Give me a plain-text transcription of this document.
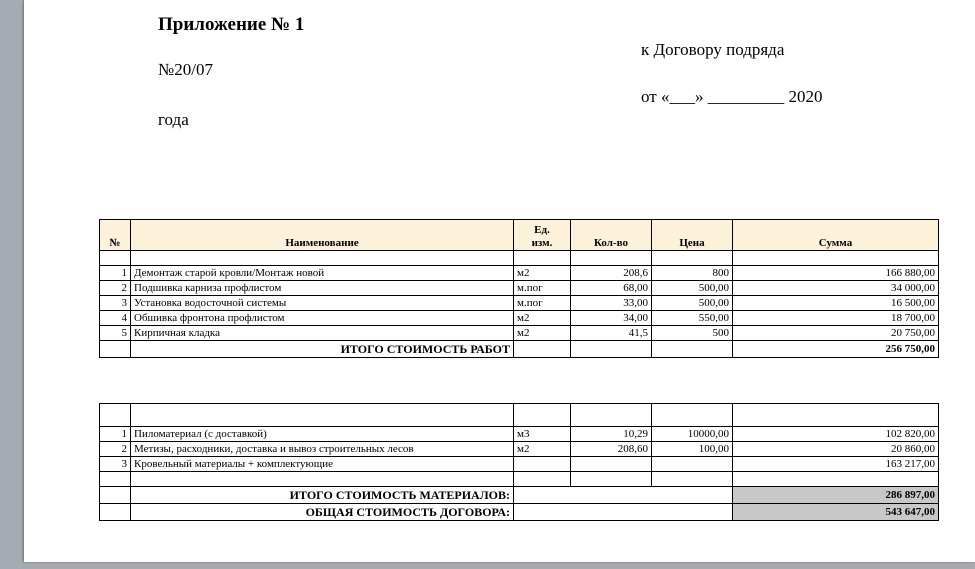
Приложение № 1
№20/07
года
к Договору подряда
от «___» _________ 2020
№	Наименование	Ед.
изм.	Кол-во	Цена	Сумма

1	Демонтаж старой кровли/Монтаж новой	м2	208,6	800	166 880,00
2	Подшивка карниза профлистом	м.пог	68,00	500,00	34 000,00
3	Установка водосточной системы	м.пог	33,00	500,00	16 500,00
4	Обшивка фронтона профлистом	м2	34,00	550,00	18 700,00
5	Кирпичная кладка	м2	41,5	500	20 750,00
	ИТОГО СТОИМОСТЬ РАБОТ				256 750,00

1	Пиломатериал (с доставкой)	м3	10,29	10000,00	102 820,00
2	Метизы, расходники, доставка и вывоз строительных лесов	м2	208,60	100,00	20 860,00
3	Кровельный материалы + комплектующие				163 217,00

	ИТОГО СТОИМОСТЬ МАТЕРИАЛОВ:				286 897,00
	ОБЩАЯ СТОИМОСТЬ ДОГОВОРА:				543 647,00
